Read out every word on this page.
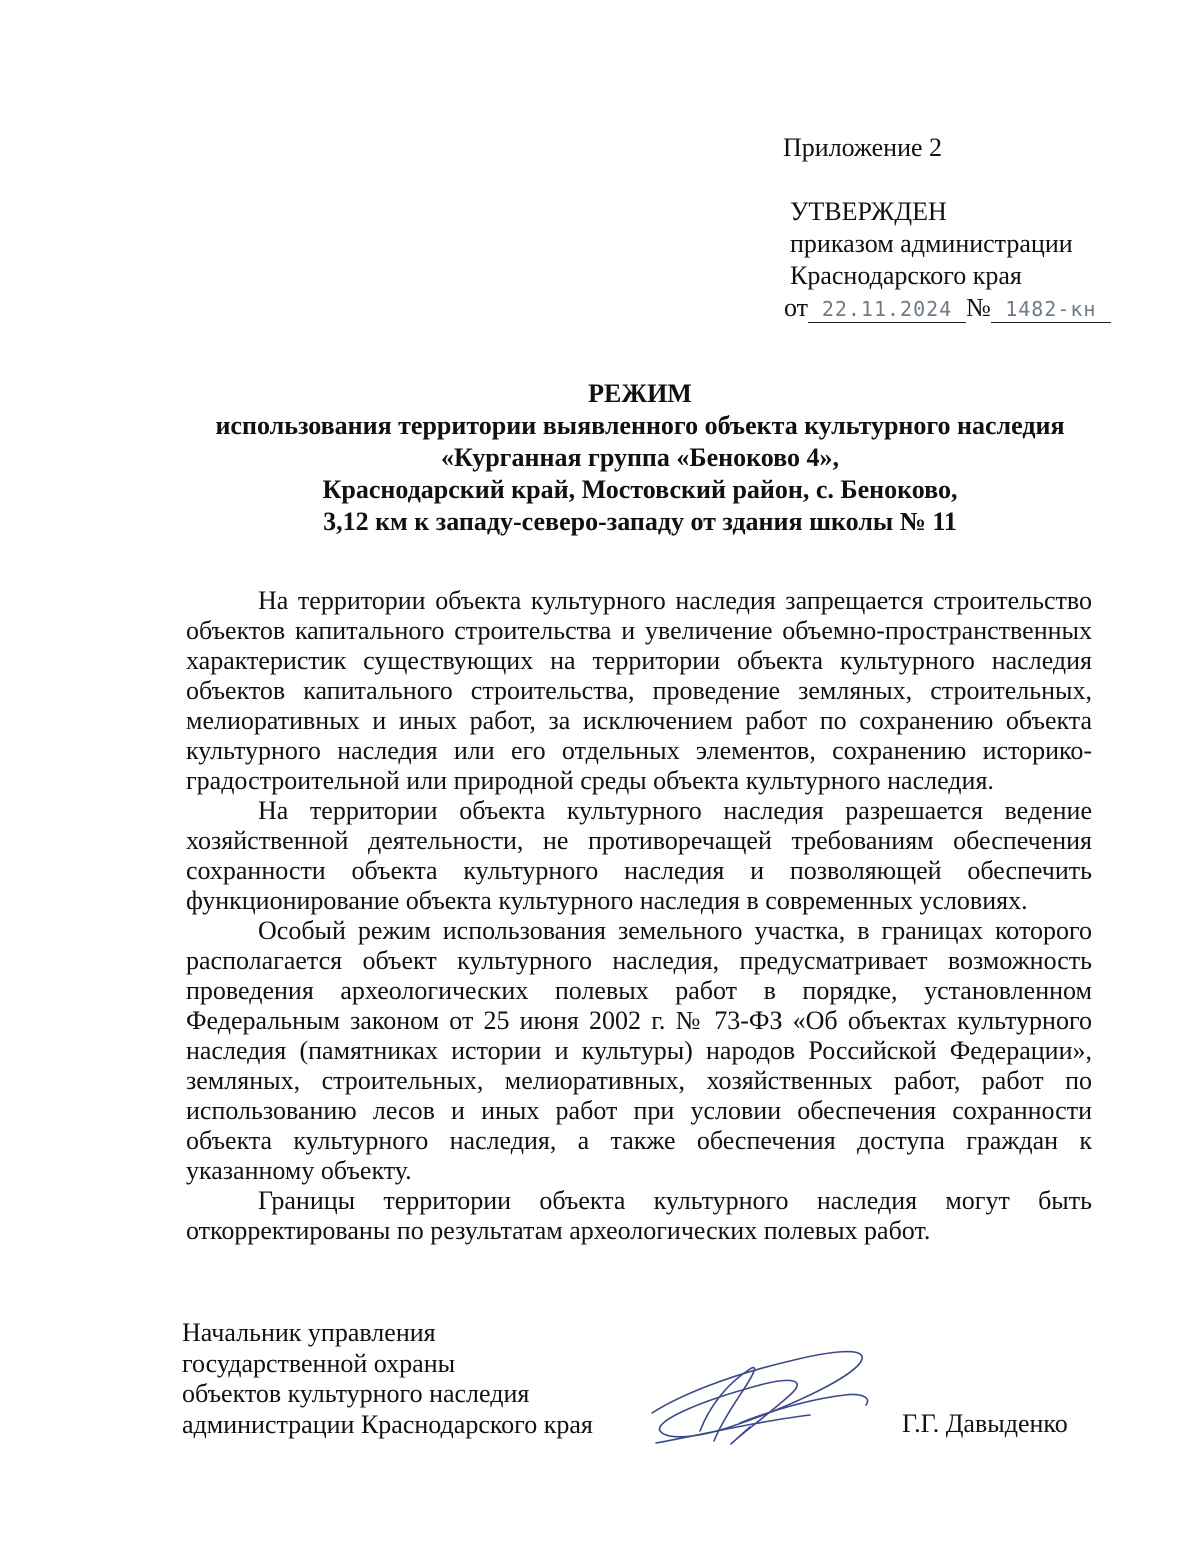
Приложение 2
УТВЕРЖДЕН
приказом администрации
Краснодарского края
от 22.11.2024 № 1482-кн
РЕЖИМ
использования территории выявленного объекта культурного наследия
«Курганная группа «Беноково 4»,
Краснодарский край, Мостовский район, с. Беноково,
3,12 км к западу-северо-западу от здания школы № 11

На территории объекта культурного наследия запрещается строительство объектов капитального строительства и увеличение объемно-пространственных характеристик существующих на территории объекта культурного наследия объектов капитального строительства, проведение земляных, строительных, мелиоративных и иных работ, за исключением работ по сохранению объекта культурного наследия или его отдельных элементов, сохранению историко-градостроительной или природной среды объекта культурного наследия.

На территории объекта культурного наследия разрешается ведение хозяйственной деятельности, не противоречащей требованиям обеспечения сохранности объекта культурного наследия и позволяющей обеспечить функционирование объекта культурного наследия в современных условиях.

Особый режим использования земельного участка, в границах которого располагается объект культурного наследия, предусматривает возможность проведения археологических полевых работ в порядке, установленном Федеральным законом от 25 июня 2002 г. № 73-ФЗ «Об объектах культурного наследия (памятниках истории и культуры) народов Российской Федерации», земляных, строительных, мелиоративных, хозяйственных работ, работ по использованию лесов и иных работ при условии обеспечения сохранности объекта культурного наследия, а также обеспечения доступа граждан к указанному объекту.

Границы территории объекта культурного наследия могут быть откорректированы по результатам археологических полевых работ.

Начальник управления
государственной охраны
объектов культурного наследия
администрации Краснодарского края	Г.Г. Давыденко
